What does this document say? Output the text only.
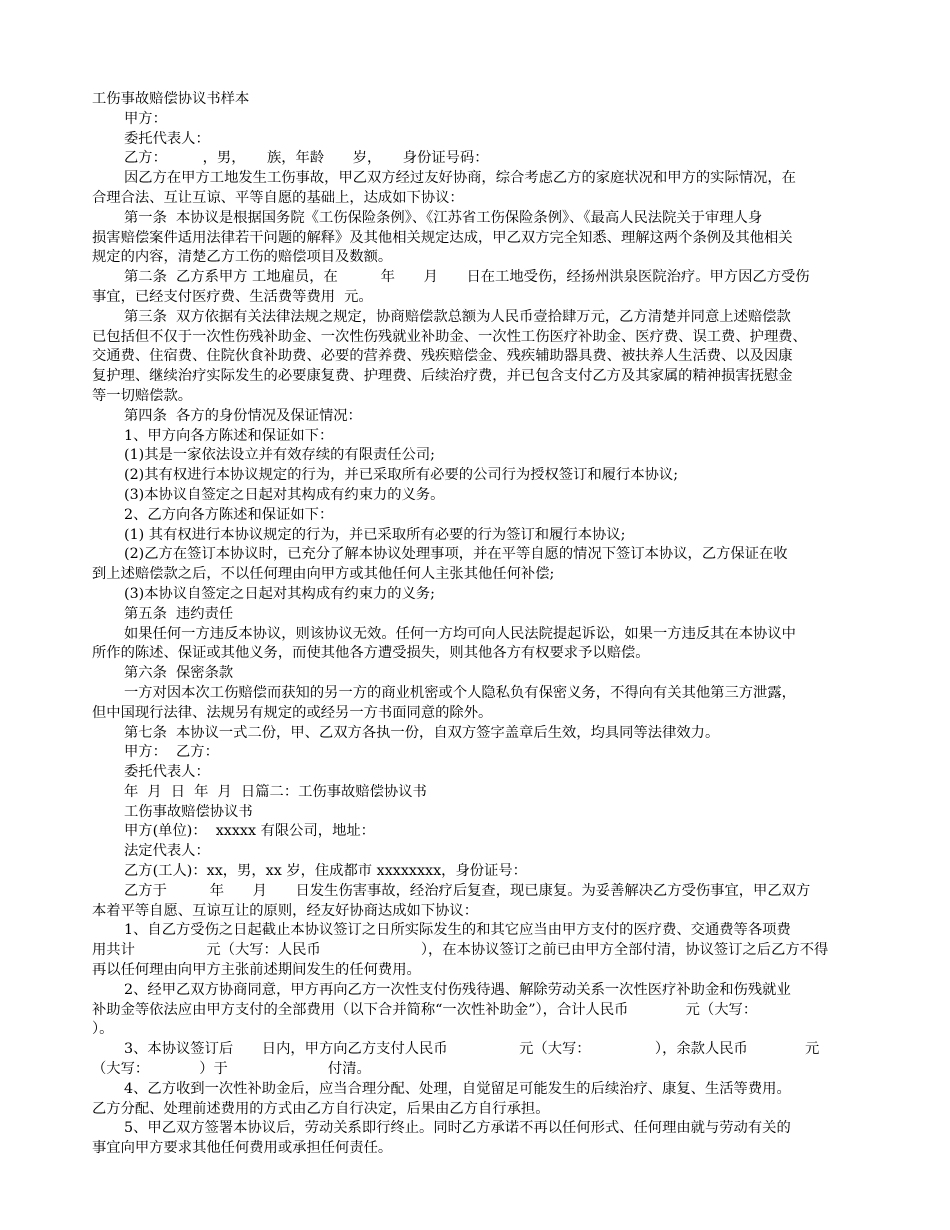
工伤事故赔偿协议书样本
甲方：
委托代表人：
乙方：　　　，男，　　族，年龄　　岁，　　身份证号码：
因乙方在甲方工地发生工伤事故，甲乙双方经过友好协商，综合考虑乙方的家庭状况和甲方的实际情况，在
合理合法、互让互谅、平等自愿的基础上，达成如下协议：
第一条  本协议是根据国务院《工伤保险条例》、《江苏省工伤保险条例》、《最高人民法院关于审理人身
损害赔偿案件适用法律若干问题的解释》及其他相关规定达成，甲乙双方完全知悉、理解这两个条例及其他相关
规定的内容，清楚乙方工伤的赔偿项目及数额。
第二条  乙方系甲方 工地雇员，在　　　年　　月　　日在工地受伤，经扬州洪泉医院治疗。甲方因乙方受伤
事宜，已经支付医疗费、生活费等费用  元。
第三条  双方依据有关法律法规之规定，协商赔偿款总额为人民币壹拾肆万元，乙方清楚并同意上述赔偿款
已包括但不仅于一次性伤残补助金、一次性伤残就业补助金、一次性工伤医疗补助金、医疗费、误工费、护理费、
交通费、住宿费、住院伙食补助费、必要的营养费、残疾赔偿金、残疾辅助器具费、被扶养人生活费、以及因康
复护理、继续治疗实际发生的必要康复费、护理费、后续治疗费，并已包含支付乙方及其家属的精神损害抚慰金
等一切赔偿款。
第四条  各方的身份情况及保证情况：
1、甲方向各方陈述和保证如下：
(1)其是一家依法设立并有效存续的有限责任公司;
(2)其有权进行本协议规定的行为，并已采取所有必要的公司行为授权签订和履行本协议;
(3)本协议自签定之日起对其构成有约束力的义务。
2、乙方向各方陈述和保证如下：
(1) 其有权进行本协议规定的行为，并已采取所有必要的行为签订和履行本协议;
(2)乙方在签订本协议时，已充分了解本协议处理事项，并在平等自愿的情况下签订本协议，乙方保证在收
到上述赔偿款之后，不以任何理由向甲方或其他任何人主张其他任何补偿;
(3)本协议自签定之日起对其构成有约束力的义务;
第五条  违约责任
如果任何一方违反本协议，则该协议无效。任何一方均可向人民法院提起诉讼，如果一方违反其在本协议中
所作的陈述、保证或其他义务，而使其他各方遭受损失，则其他各方有权要求予以赔偿。
第六条  保密条款
一方对因本次工伤赔偿而获知的另一方的商业机密或个人隐私负有保密义务，不得向有关其他第三方泄露，
但中国现行法律、法规另有规定的或经另一方书面同意的除外。
第七条  本协议一式二份，甲、乙双方各执一份，自双方签字盖章后生效，均具同等法律效力。
甲方：  乙方：
委托代表人：
年  月  日  年  月  日篇二：工伤事故赔偿协议书
工伤事故赔偿协议书
甲方(单位)：  xxxxx 有限公司，地址：
法定代表人：
乙方(工人)：xx，男，xx 岁，住成都市 xxxxxxxx，身份证号：
乙方于　　　年　　月　　日发生伤害事故，经治疗后复查，现已康复。为妥善解决乙方受伤事宜，甲乙双方
本着平等自愿、互谅互让的原则，经友好协商达成如下协议：
1、自乙方受伤之日起截止本协议签订之日所实际发生的和其它应当由甲方支付的医疗费、交通费等各项费
用共计　　　　　元（大写：人民币　　　　　　　），在本协议签订之前已由甲方全部付清，协议签订之后乙方不得
再以任何理由向甲方主张前述期间发生的任何费用。
2、经甲乙双方协商同意，甲方再向乙方一次性支付伤残待遇、解除劳动关系一次性医疗补助金和伤残就业
补助金等依法应由甲方支付的全部费用（以下合并简称“一次性补助金”），合计人民币　　　　元（大写：
）。
3、本协议签订后　　日内，甲方向乙方支付人民币　　　　　元（大写：　　　　　），余款人民币　　　　元
（大写：　　　　）于　　　　　　　付清。
4、乙方收到一次性补助金后，应当合理分配、处理，自觉留足可能发生的后续治疗、康复、生活等费用。
乙方分配、处理前述费用的方式由乙方自行决定，后果由乙方自行承担。
5、甲乙双方签署本协议后，劳动关系即行终止。同时乙方承诺不再以任何形式、任何理由就与劳动有关的
事宜向甲方要求其他任何费用或承担任何责任。
